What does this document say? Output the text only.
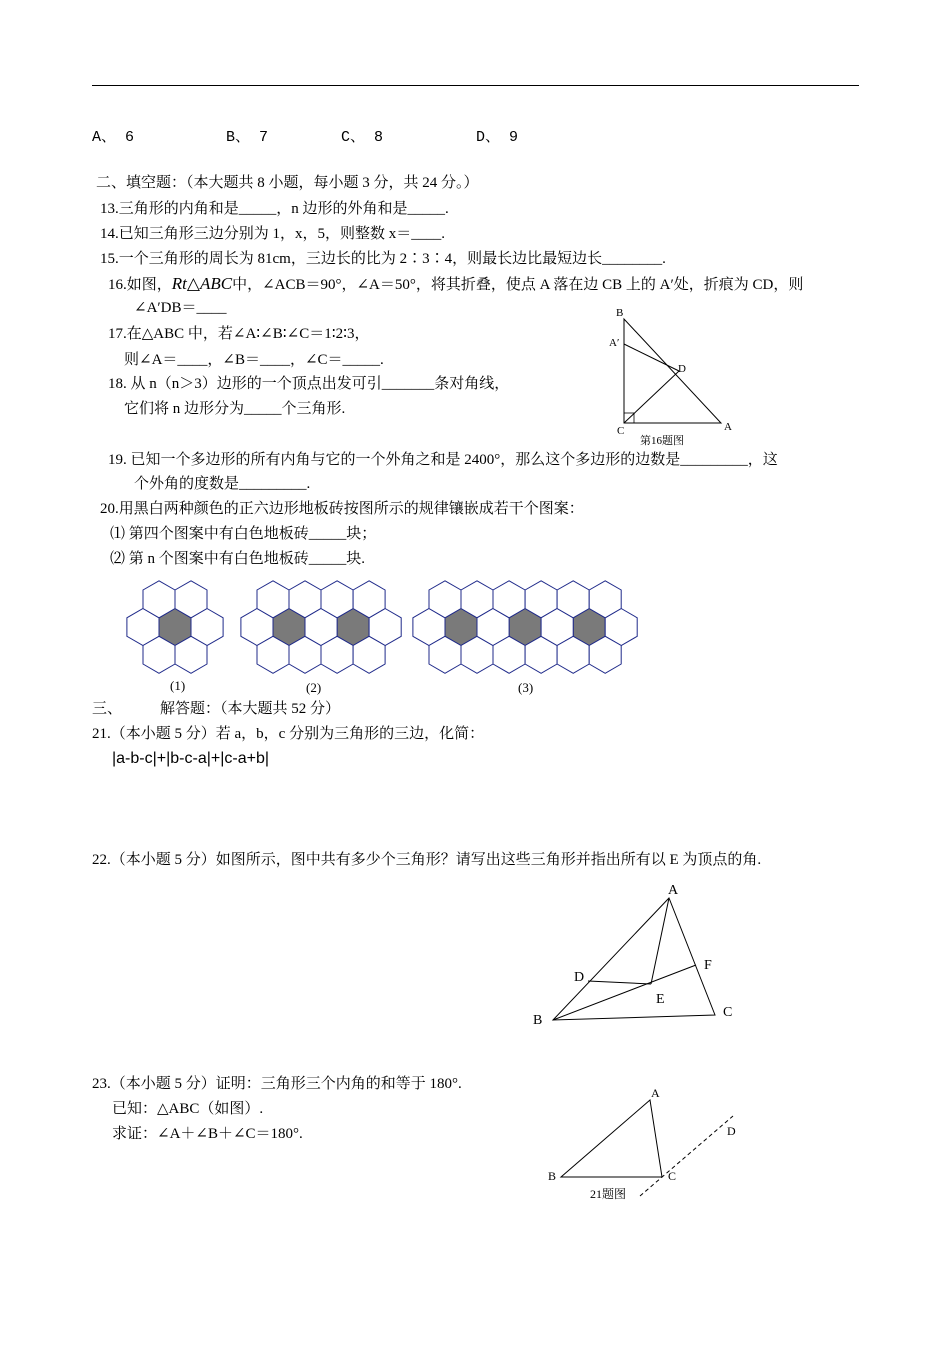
A、 6	B、 7	C、 8	D、 9
二、填空题：（本大题共 8 小题，每小题 3 分，共 24 分。）
13.三角形的内角和是_____，n 边形的外角和是_____.
14.已知三角形三边分别为 1，x，5，则整数 x＝____.
15.一个三角形的周长为 81cm，三边长的比为 2∶3∶4，则最长边比最短边长________.
16.如图，Rt△ABC中，∠ACB＝90°，∠A＝50°，将其折叠，使点 A 落在边 CB 上的 A′处，折痕为 CD，则
∠A′DB＝____
17.在△ABC 中，若∠A∶∠B∶∠C＝1∶2∶3，
则∠A＝____，∠B＝____，∠C＝_____.
18. 从 n（n＞3）边形的一个顶点出发可引_______条对角线，
它们将 n 边形分为_____个三角形.
B
A′
D
C	A
第16题图
19. 已知一个多边形的所有内角与它的一个外角之和是 2400°，那么这个多边形的边数是_________，这
个外角的度数是_________.
20.用黑白两种颜色的正六边形地板砖按图所示的规律镶嵌成若干个图案：
⑴ 第四个图案中有白色地板砖_____块；
⑵ 第 n 个图案中有白色地板砖_____块.
(1)	(2)	(3)
三、	解答题：（本大题共 52 分）
21.（本小题 5 分）若 a，b，c 分别为三角形的三边，化简：
|a-b-c|+|b-c-a|+|c-a+b|
22.（本小题 5 分）如图所示，图中共有多少个三角形？请写出这些三角形并指出所有以 E 为顶点的角.
A
D
F
E
B
C
23.（本小题 5 分）证明：三角形三个内角的和等于 180°.
已知：△ABC（如图）.
求证：∠A＋∠B＋∠C＝180°.
A
D
B	C
21题图
